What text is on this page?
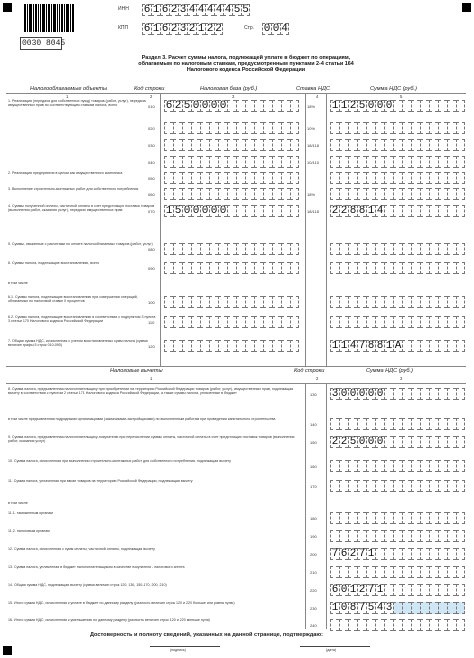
0030 8045
ИНН 6 1 6 2 3 4 4 4 4 4 5 5
КПП 6 1 6 2 3 2 1 2 2	Стр. 0 0 4
Раздел 3. Расчет суммы налога, подлежащей уплате в бюджет по операциям,
облагаемым по налоговым ставкам, предусмотренным пунктами 2-4 статьи 164
Налогового кодекса Российской Федерации
Налогооблагаемые объекты	Код строки	Налоговая база (руб.)	Ставка НДС	Сумма НДС (руб.)
1	2	3	4	5
1. Реализация (передача для собственных нужд) товаров (работ, услуг), передача имущественных прав по соответствующим ставкам налога, всего	010 6 2 5 0 0 0 0	18% 1 1 2 5 0 0 0
020	10%
030	18/118
040	10/110
2. Реализация предприятия в целом как имущественного комплекса
050
3. Выполнение строительно-монтажных работ для собственного потребления
060	18%
4. Суммы полученной оплаты, частичной оплаты в счет предстоящих поставок товаров (выполнения работ, оказания услуг), передачи имущественных прав	070 1 5 0 0 0 0 0	18/118 2 2 8 8 1 4
5. Суммы, связанные с расчетами по оплате налогооблагаемых товаров (работ, услуг)
080
6. Суммы налога, подлежащие восстановлению, всего
090
в том числе
6.1. Суммы налога, подлежащие восстановлению при совершении операций, облагаемых по налоговой ставке 0 процентов	100
6.2. Суммы налога, подлежащие восстановлению в соответствии с подпунктом 3 пункта 3 статьи 170 Налогового кодекса Российской Федерации	110
7. Общая сумма НДС, исчисленная с учетом восстановленных сумм налога (сумма величин графы 5 строк 010-090)	120	1 1 4 7 8 8 1 A
Налоговые вычеты	Код строки	Сумма НДС (руб.)
1	2	3
8. Сумма налога, предъявленная налогоплательщику при приобретении на территории Российской Федерации товаров (работ, услуг), имущественных прав, подлежащая вычету в соответствии с пунктом 2 статьи 171 Налогового кодекса Российской Федерации, а также суммы налога, уплаченные в бюджет	130 3 0 0 0 0 0
в том числе предъявленная подрядными организациями (заказчиками-застройщиками) по выполненным работам при проведении капитального строительства
140
9. Сумма налога, предъявленная налогоплательщику-покупателю при перечислении суммы оплаты, частичной оплаты в счет предстоящих поставок товаров (выполнения работ, оказания услуг)	150 2 2 5 0 0 0
10. Сумма налога, исчисленная при выполнении строительно-монтажных работ для собственного потребления, подлежащая вычету
160
11. Сумма налога, уплаченная при ввозе товаров на территорию Российской Федерации, подлежащая вычету
170
в том числе
11.1. таможенным органам
180
11.2. налоговым органам
190
12. Сумма налога, исчисленная с сумм оплаты, частичной оплаты, подлежащая вычету
200 7 6 2 7 1
13. Сумма налога, уплаченная в бюджет налогоплательщиком в качестве покупателя - налогового агента
210
14. Общая сумма НДС, подлежащая вычету (сумма величин строк 120, 130, 150-170, 200, 210)
220 6 0 1 2 7 1
15. Итого сумма НДС, исчисленная к уплате в бюджет по данному разделу (разность величин строк 120 и 220 больше или равна нулю)
230 1 0 8 7 5 4 3
16. Итого сумма НДС, исчисленная к уменьшению по данному разделу (разность величин строк 120 и 220 меньше нуля)
240
Достоверность и полноту сведений, указанных на данной странице, подтверждаю:
(подпись)	(дата)
